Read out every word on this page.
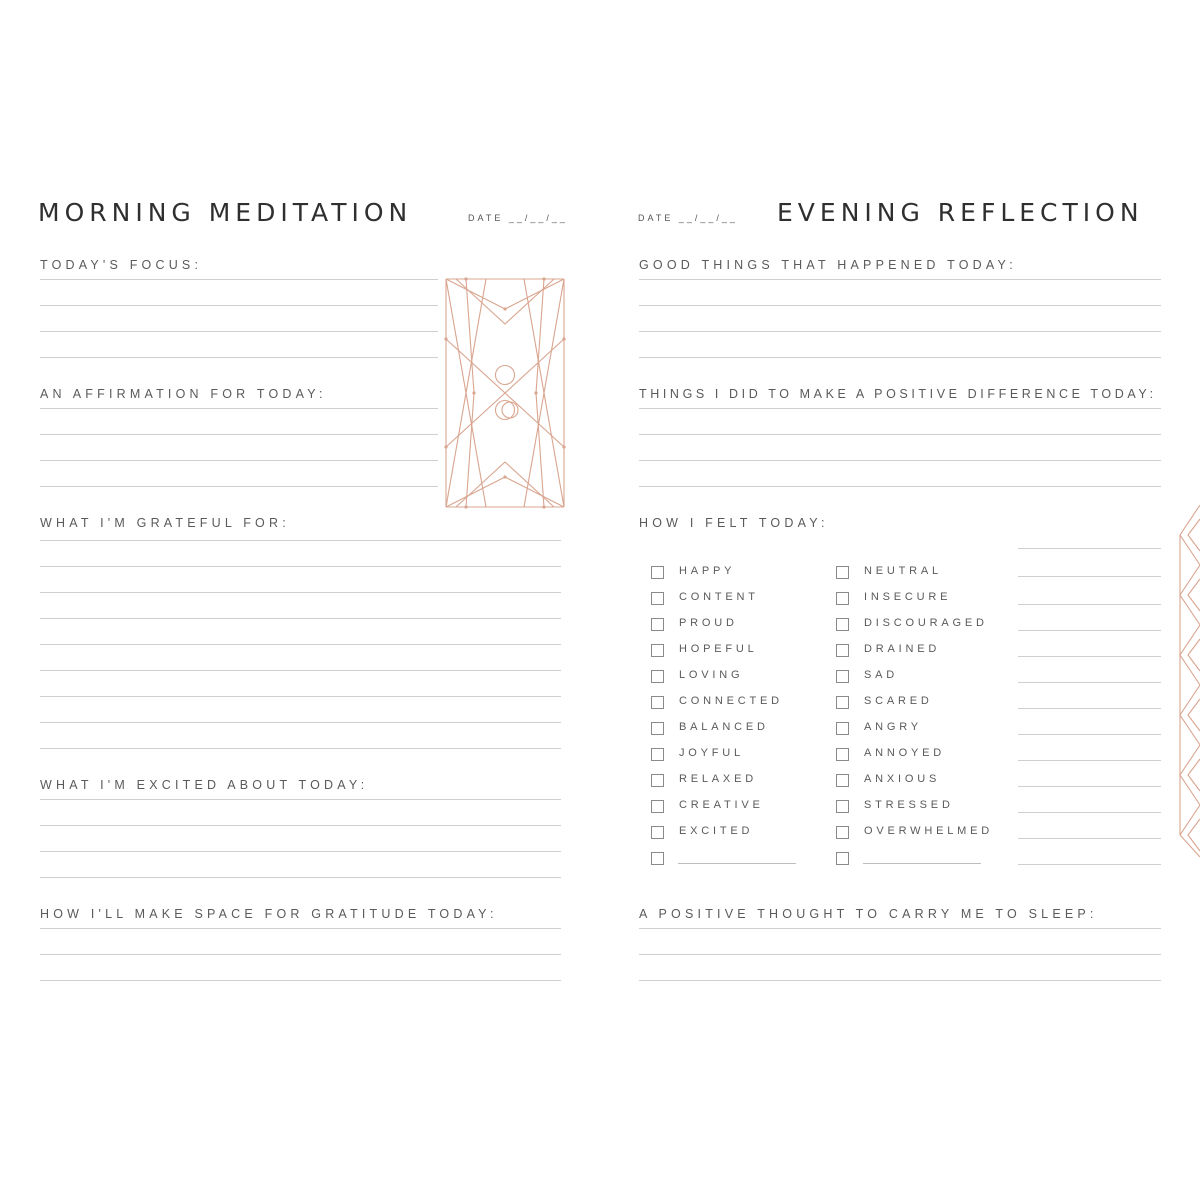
MORNING MEDITATION	DATE __/__/__
TODAY'S FOCUS:
AN AFFIRMATION FOR TODAY:
WHAT I'M GRATEFUL FOR:
WHAT I'M EXCITED ABOUT TODAY:
HOW I'LL MAKE SPACE FOR GRATITUDE TODAY:
DATE __/__/__ EVENING REFLECTION
GOOD THINGS THAT HAPPENED TODAY:
THINGS I DID TO MAKE A POSITIVE DIFFERENCE TODAY:
HOW I FELT TODAY:
HAPPY
CONTENT
PROUD
HOPEFUL
LOVING
CONNECTED
BALANCED
JOYFUL
RELAXED
CREATIVE
EXCITED
NEUTRAL
INSECURE
DISCOURAGED
DRAINED
SAD
SCARED
ANGRY
ANNOYED
ANXIOUS
STRESSED
OVERWHELMED
A POSITIVE THOUGHT TO CARRY ME TO SLEEP:
